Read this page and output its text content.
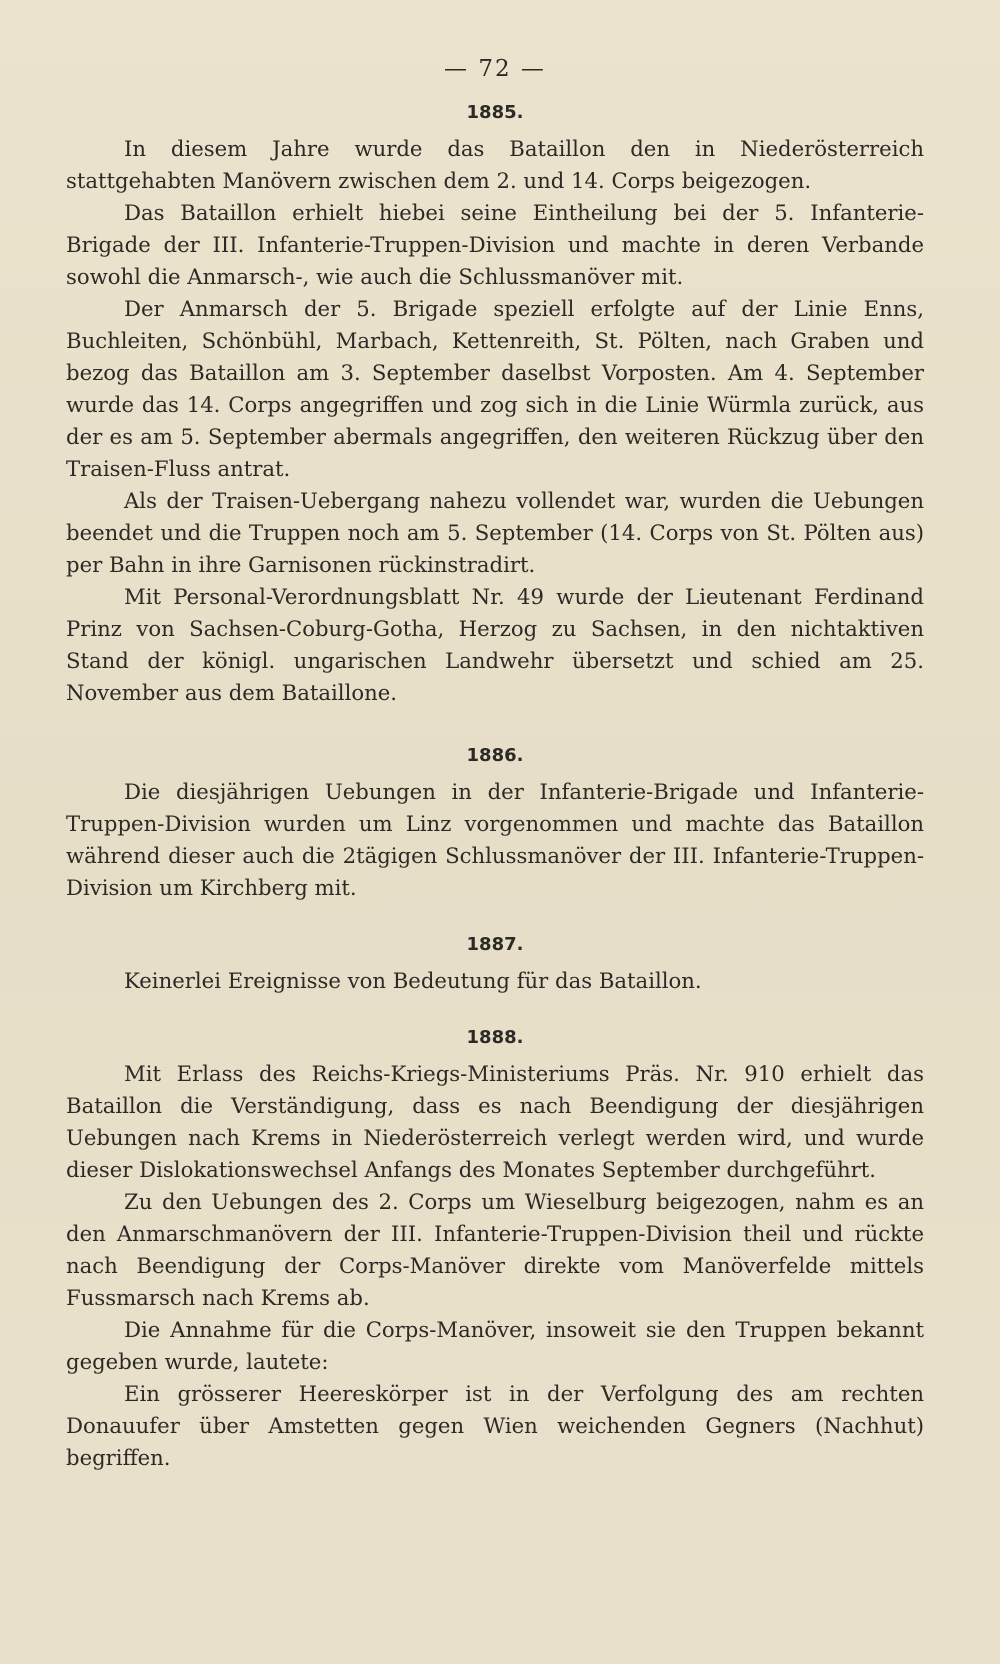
— 72 —
1885.

In diesem Jahre wurde das Bataillon den in Niederösterreich stattgehabten Manövern zwischen dem 2. und 14. Corps beigezogen.

Das Bataillon erhielt hiebei seine Eintheilung bei der 5. Infanterie-Brigade der III. Infanterie-Truppen-Division und machte in deren Verbande sowohl die Anmarsch-, wie auch die Schlussmanöver mit.

Der Anmarsch der 5. Brigade speziell erfolgte auf der Linie Enns, Buchleiten, Schönbühl, Marbach, Kettenreith, St. Pölten, nach Graben und bezog das Bataillon am 3. September daselbst Vorposten. Am 4. September wurde das 14. Corps angegriffen und zog sich in die Linie Würmla zurück, aus der es am 5. September abermals angegriffen, den weiteren Rückzug über den Traisen-Fluss antrat.

Als der Traisen-Uebergang nahezu vollendet war, wurden die Uebungen beendet und die Truppen noch am 5. September (14. Corps von St. Pölten aus) per Bahn in ihre Garnisonen rückinstradirt.

Mit Personal-Verordnungsblatt Nr. 49 wurde der Lieutenant Ferdinand Prinz von Sachsen-Coburg-Gotha, Herzog zu Sachsen, in den nichtaktiven Stand der königl. ungarischen Landwehr übersetzt und schied am 25. November aus dem Bataillone.

1886.

Die diesjährigen Uebungen in der Infanterie-Brigade und Infanterie-Truppen-Division wurden um Linz vorgenommen und machte das Bataillon während dieser auch die 2tägigen Schlussmanöver der III. Infanterie-Truppen-Division um Kirchberg mit.

1887.

Keinerlei Ereignisse von Bedeutung für das Bataillon.

1888.

Mit Erlass des Reichs-Kriegs-Ministeriums Präs. Nr. 910 erhielt das Bataillon die Verständigung, dass es nach Beendigung der diesjährigen Uebungen nach Krems in Niederösterreich verlegt werden wird, und wurde dieser Dislokationswechsel Anfangs des Monates September durchgeführt.

Zu den Uebungen des 2. Corps um Wieselburg beigezogen, nahm es an den Anmarschmanövern der III. Infanterie-Truppen-Division theil und rückte nach Beendigung der Corps-Manöver direkte vom Manöverfelde mittels Fussmarsch nach Krems ab.

Die Annahme für die Corps-Manöver, insoweit sie den Truppen bekannt gegeben wurde, lautete:

Ein grösserer Heereskörper ist in der Verfolgung des am rechten Donauufer über Amstetten gegen Wien weichenden Gegners (Nachhut) begriffen.
